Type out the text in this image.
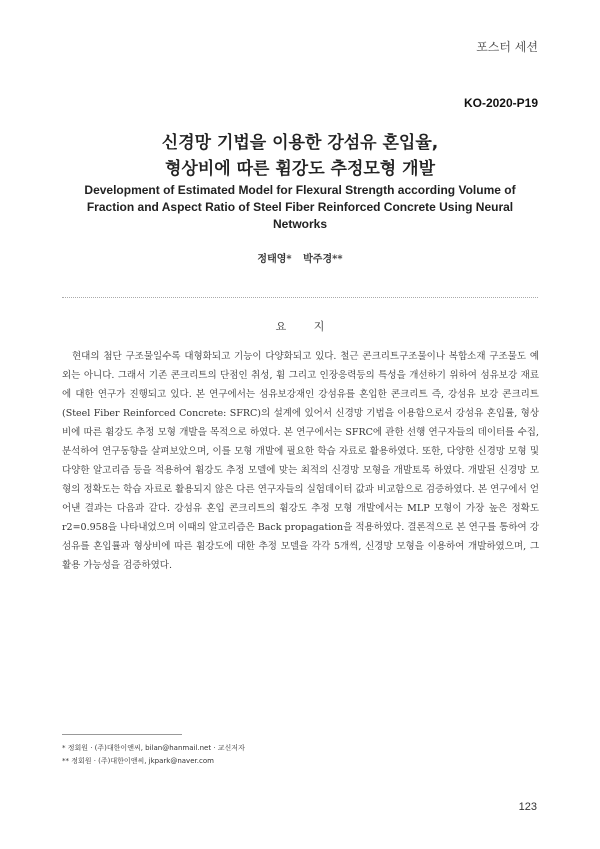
포스터 세션
KO-2020-P19
신경망 기법을 이용한 강섬유 혼입율,
형상비에 따른 휨강도 추정모형 개발
Development of Estimated Model for Flexural Strength according Volume of Fraction and Aspect Ratio of Steel Fiber Reinforced Concrete Using Neural Networks
정태영* 박주경**
요 지
현대의 첨단 구조물일수록 대형화되고 기능이 다양화되고 있다. 철근 콘크리트구조물이나 복합소재 구조물도 예외는 아니다. 그래서 기존 콘크리트의 단점인 취성, 휨 그리고 인장응력등의 특성을 개선하기 위하여 섬유보강 재료에 대한 연구가 진행되고 있다. 본 연구에서는 섬유보강재인 강섬유를 혼입한 콘크리트 즉, 강섬유 보강 콘크리트(Steel Fiber Reinforced Concrete: SFRC)의 설계에 있어서 신경망 기법을 이용함으로서 강섬유 혼입률, 형상비에 따른 휨강도 추정 모형 개발을 목적으로 하였다. 본 연구에서는 SFRC에 관한 선행 연구자들의 데이터를 수집, 분석하여 연구동향을 살펴보았으며, 이를 모형 개발에 필요한 학습 자료로 활용하였다. 또한, 다양한 신경망 모형 및 다양한 알고리즘 등을 적용하여 휨강도 추정 모델에 맞는 최적의 신경망 모형을 개발토록 하였다. 개발된 신경망 모형의 정확도는 학습 자료로 활용되지 않은 다른 연구자들의 실험데이터 값과 비교함으로 검증하였다. 본 연구에서 얻어낸 결과는 다음과 같다. 강섬유 혼입 콘크리트의 휨강도 추정 모형 개발에서는 MLP 모형이 가장 높은 정확도 r2=0.958을 나타내었으며 이때의 알고리즘은 Back propagation을 적용하였다. 결론적으로 본 연구를 통하여 강섬유를 혼입률과 형상비에 따른 휨강도에 대한 추정 모델을 각각 5개씩, 신경망 모형을 이용하여 개발하였으며, 그 활용 가능성을 검증하였다.
* 정회원 · (주)대한이앤씨, bilan@hanmail.net · 교신저자
** 정회원 · (주)대한이앤씨, jkpark@naver.com
123
